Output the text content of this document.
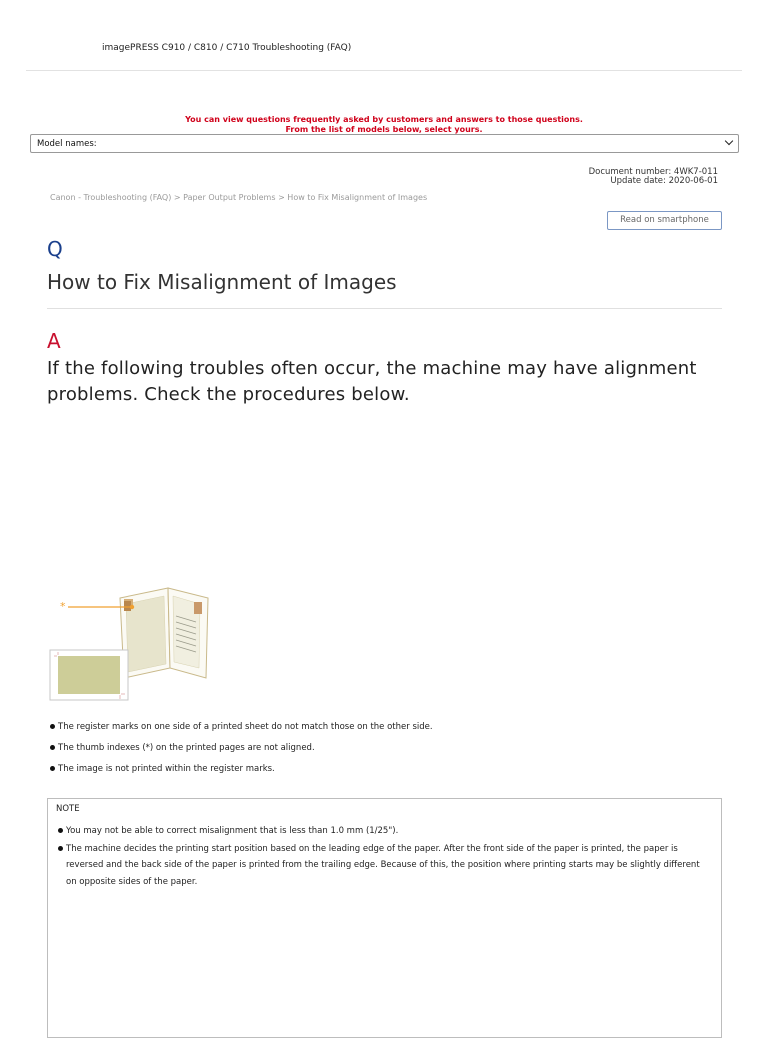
imagePRESS C910 / C810 / C710 Troubleshooting (FAQ)
You can view questions frequently asked by customers and answers to those questions.
From the list of models below, select yours.
Model names:
Document number: 4WK7-011
Update date: 2020-06-01
Canon - Troubleshooting (FAQ) > Paper Output Problems > How to Fix Misalignment of Images
Read on smartphone
Q
How to Fix Misalignment of Images
A
If the following troubles often occur, the machine may have alignment problems. Check the procedures below.
*
The register marks on one side of a printed sheet do not match those on the other side.
The thumb indexes (*) on the printed pages are not aligned.
The image is not printed within the register marks.
NOTE
You may not be able to correct misalignment that is less than 1.0 mm (1/25").
The machine decides the printing start position based on the leading edge of the paper. After the front side of the paper is printed, the paper is reversed and the back side of the paper is printed from the trailing edge. Because of this, the position where printing starts may be slightly different on opposite sides of the paper.
